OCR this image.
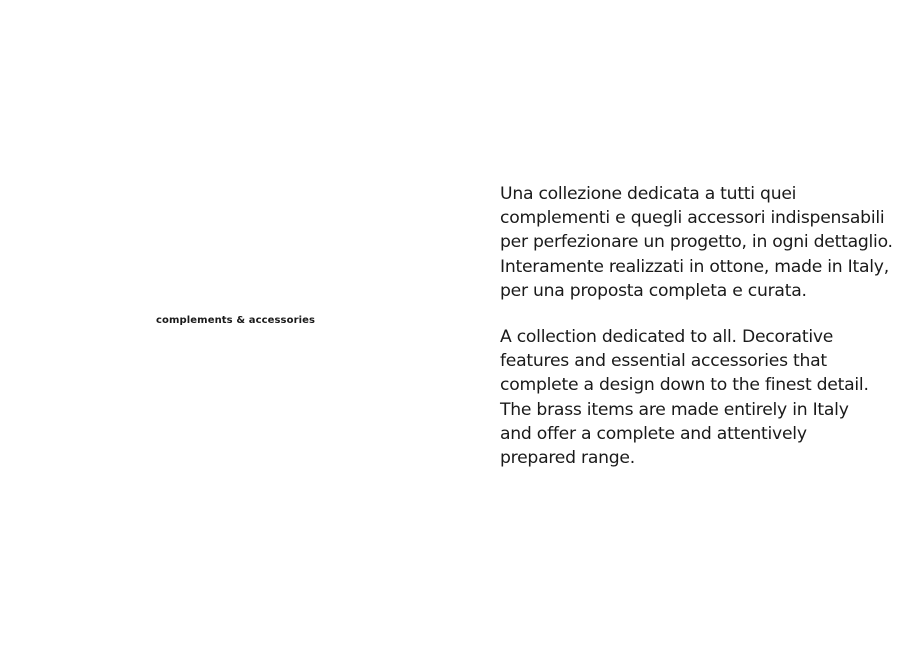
complements & accessories

Una collezione dedicata a tutti quei
complementi e quegli accessori indispensabili
per perfezionare un progetto, in ogni dettaglio.
Interamente realizzati in ottone, made in Italy,
per una proposta completa e curata.

A collection dedicated to all. Decorative
features and essential accessories that
complete a design down to the finest detail.
The brass items are made entirely in Italy
and offer a complete and attentively
prepared range.
